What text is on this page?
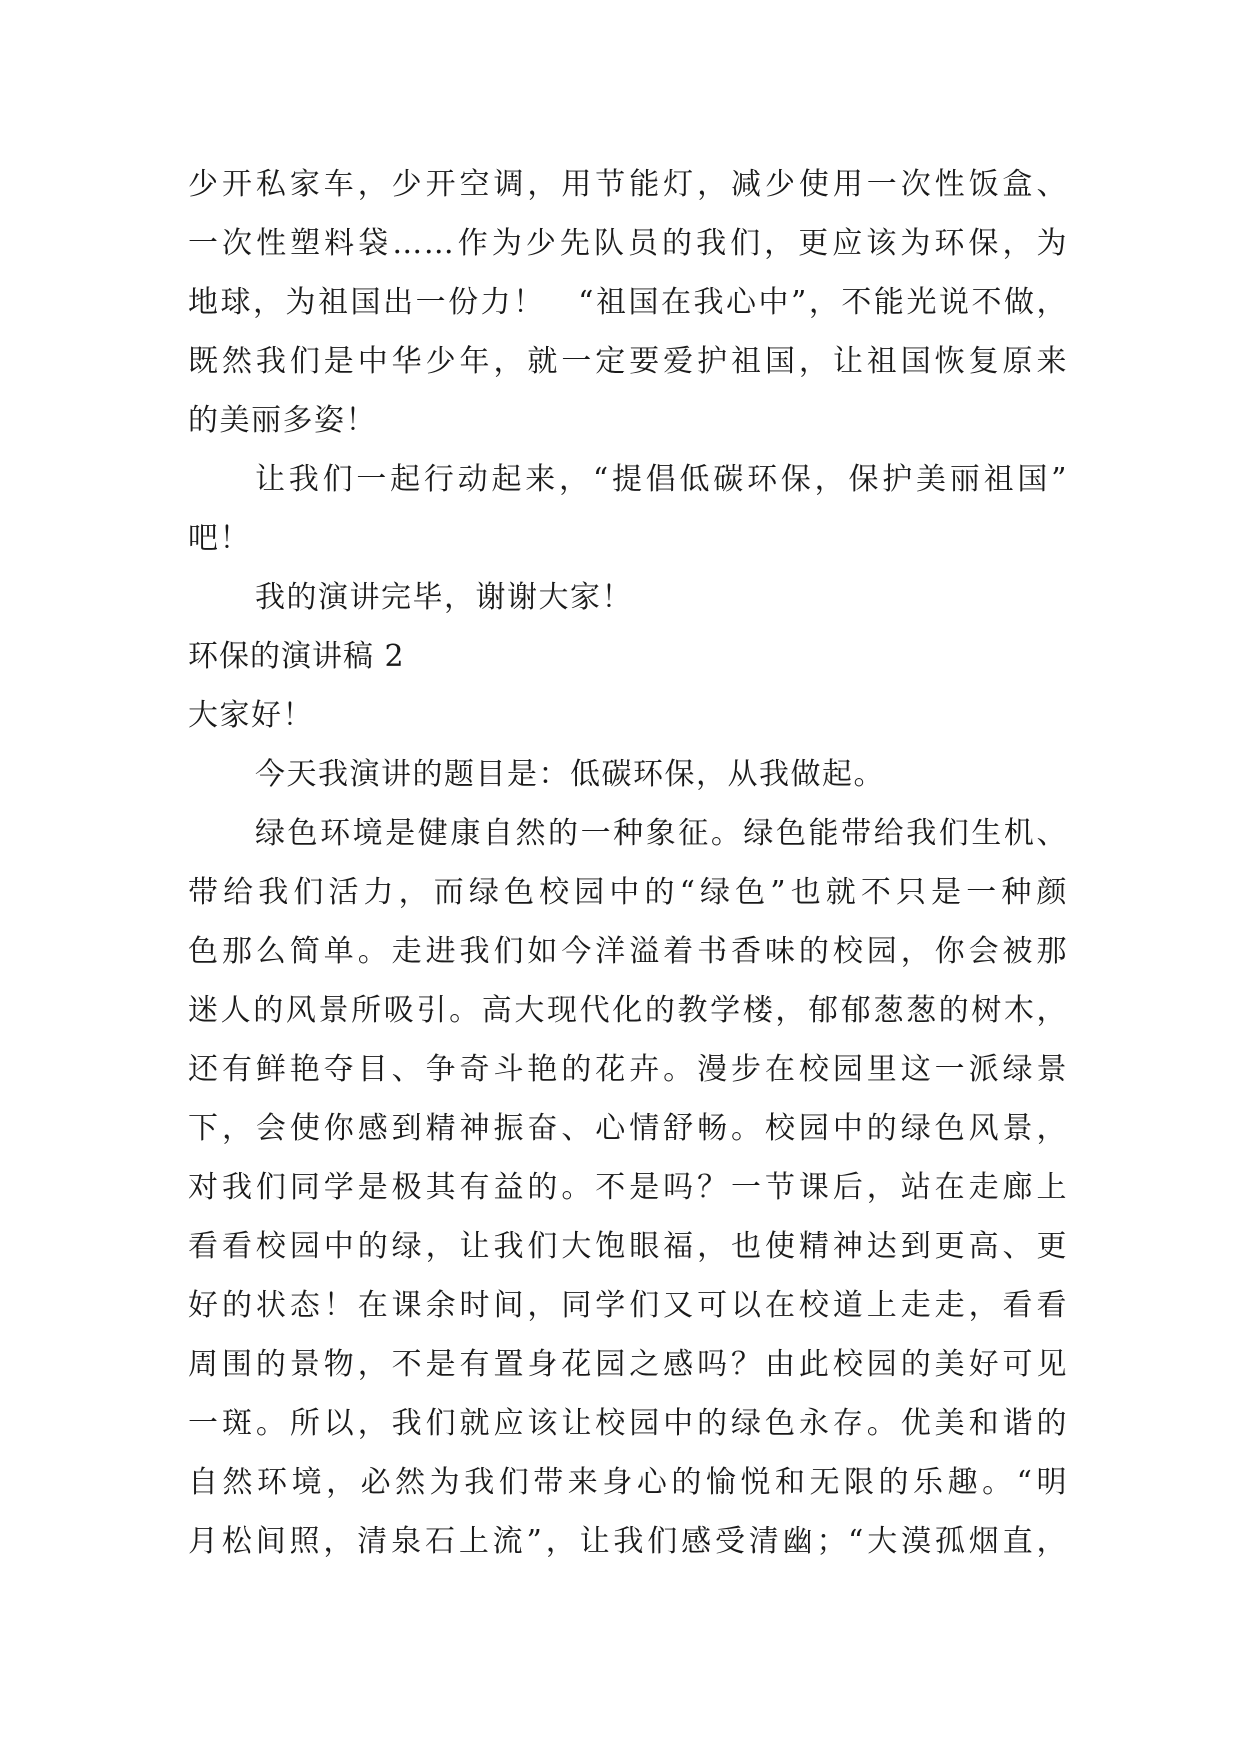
少开私家车，少开空调，用节能灯，减少使用一次性饭盒、
一次性塑料袋……作为少先队员的我们，更应该为环保，为
地球，为祖国出一份力！　“祖国在我心中”，不能光说不做，
既然我们是中华少年，就一定要爱护祖国，让祖国恢复原来
的美丽多姿！
让我们一起行动起来，“提倡低碳环保，保护美丽祖国”
吧！
我的演讲完毕，谢谢大家！
环保的演讲稿 2
大家好！
今天我演讲的题目是：低碳环保，从我做起。
绿色环境是健康自然的一种象征。绿色能带给我们生机、
带给我们活力，而绿色校园中的“绿色”也就不只是一种颜
色那么简单。走进我们如今洋溢着书香味的校园，你会被那
迷人的风景所吸引。高大现代化的教学楼，郁郁葱葱的树木，
还有鲜艳夺目、争奇斗艳的花卉。漫步在校园里这一派绿景
下，会使你感到精神振奋、心情舒畅。校园中的绿色风景，
对我们同学是极其有益的。不是吗？一节课后，站在走廊上
看看校园中的绿，让我们大饱眼福，也使精神达到更高、更
好的状态！在课余时间，同学们又可以在校道上走走，看看
周围的景物，不是有置身花园之感吗？由此校园的美好可见
一斑。所以，我们就应该让校园中的绿色永存。优美和谐的
自然环境，必然为我们带来身心的愉悦和无限的乐趣。“明
月松间照，清泉石上流”，让我们感受清幽；“大漠孤烟直，
